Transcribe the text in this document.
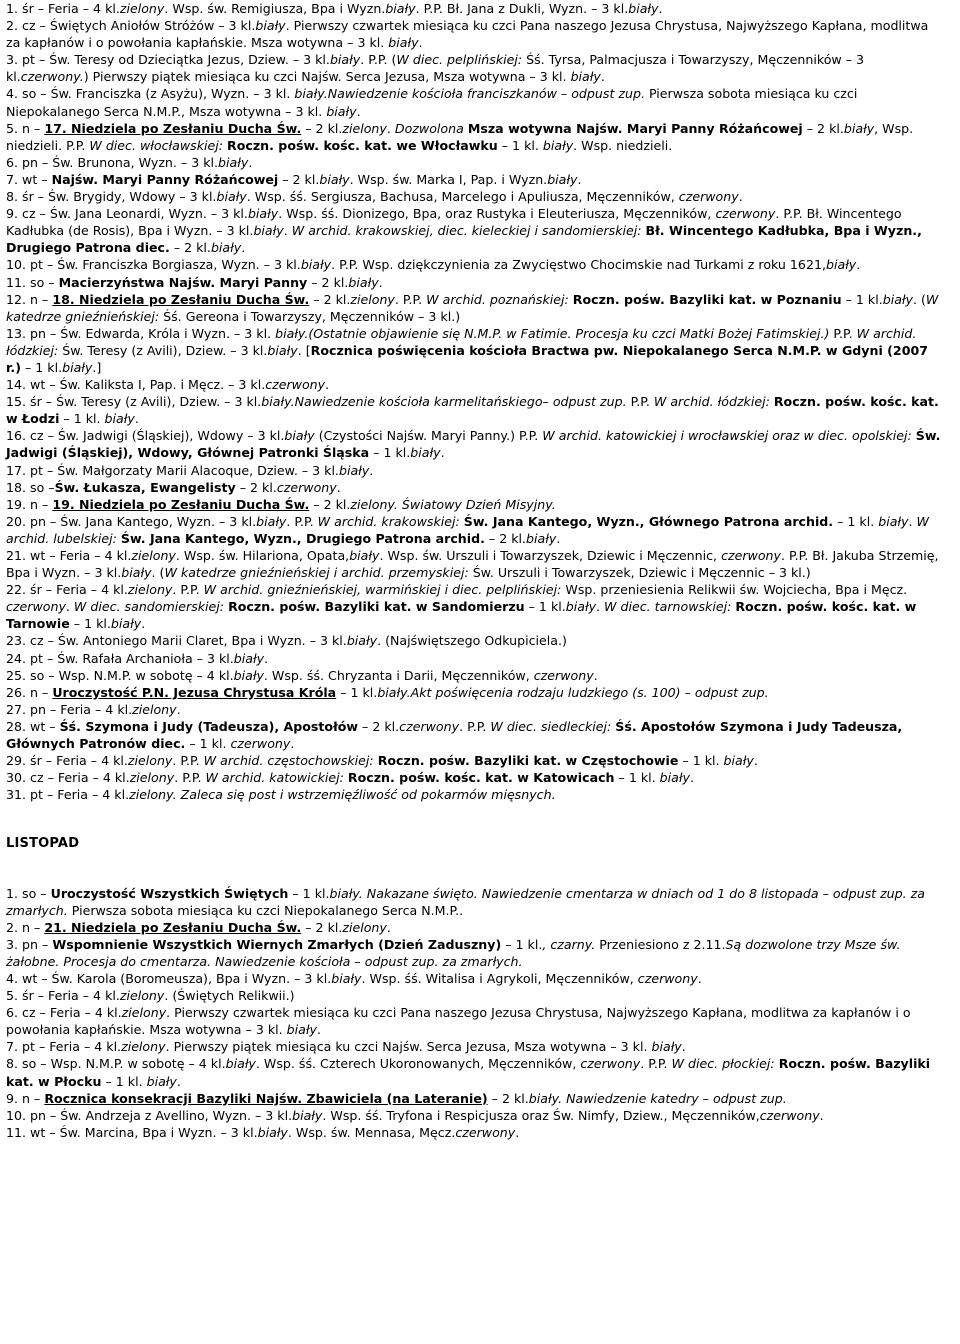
1. śr – Feria – 4 kl.zielony. Wsp. św. Remigiusza, Bpa i Wyzn.biały. P.P. Bł. Jana z Dukli, Wyzn. – 3 kl.biały.

2. cz – Świętych Aniołów Stróżów – 3 kl.biały. Pierwszy czwartek miesiąca ku czci Pana naszego Jezusa Chrystusa, Najwyższego Kapłana, modlitwa za kapłanów i o powołania kapłańskie. Msza wotywna – 3 kl. biały.

3. pt – Św. Teresy od Dzieciątka Jezus, Dziew. – 3 kl.biały. P.P. (W diec. pelplińskiej: Śś. Tyrsa, Palmacjusza i Towarzyszy, Męczenników – 3 kl.czerwony.) Pierwszy piątek miesiąca ku czci Najśw. Serca Jezusa, Msza wotywna – 3 kl. biały.

4. so – Św. Franciszka (z Asyżu), Wyzn. – 3 kl. biały.Nawiedzenie kościoła franciszkanów – odpust zup. Pierwsza sobota miesiąca ku czci Niepokalanego Serca N.M.P., Msza wotywna – 3 kl. biały.

5. n – 17. Niedziela po Zesłaniu Ducha Św. – 2 kl.zielony. Dozwolona Msza wotywna Najśw. Maryi Panny Różańcowej – 2 kl.biały, Wsp. niedzieli. P.P. W diec. włocławskiej: Roczn. pośw. kośc. kat. we Włocławku – 1 kl. biały. Wsp. niedzieli.

6. pn – Św. Brunona, Wyzn. – 3 kl.biały.

7. wt – Najśw. Maryi Panny Różańcowej – 2 kl.biały. Wsp. św. Marka I, Pap. i Wyzn.biały.

8. śr – Św. Brygidy, Wdowy – 3 kl.biały. Wsp. śś. Sergiusza, Bachusa, Marcelego i Apuliusza, Męczenników, czerwony.

9. cz – Św. Jana Leonardi, Wyzn. – 3 kl.biały. Wsp. śś. Dionizego, Bpa, oraz Rustyka i Eleuteriusza, Męczenników, czerwony. P.P. Bł. Wincentego Kadłubka (de Rosis), Bpa i Wyzn. – 3 kl.biały. W archid. krakowskiej, diec. kieleckiej i sandomierskiej: Bł. Wincentego Kadłubka, Bpa i Wyzn., Drugiego Patrona diec. – 2 kl.biały.

10. pt – Św. Franciszka Borgiasza, Wyzn. – 3 kl.biały. P.P. Wsp. dziękczynienia za Zwycięstwo Chocimskie nad Turkami z roku 1621,biały.

11. so – Macierzyństwa Najśw. Maryi Panny – 2 kl.biały.

12. n – 18. Niedziela po Zesłaniu Ducha Św. – 2 kl.zielony. P.P. W archid. poznańskiej: Roczn. pośw. Bazyliki kat. w Poznaniu – 1 kl.biały. (W katedrze gnieźnieńskiej: Śś. Gereona i Towarzyszy, Męczenników – 3 kl.)

13. pn – Św. Edwarda, Króla i Wyzn. – 3 kl. biały.(Ostatnie objawienie się N.M.P. w Fatimie. Procesja ku czci Matki Bożej Fatimskiej.) P.P. W archid. łódzkiej: Św. Teresy (z Avili), Dziew. – 3 kl.biały. [Rocznica poświęcenia kościoła Bractwa pw. Niepokalanego Serca N.M.P. w Gdyni (2007 r.) – 1 kl.biały.]

14. wt – Św. Kaliksta I, Pap. i Męcz. – 3 kl.czerwony.

15. śr – Św. Teresy (z Avili), Dziew. – 3 kl.biały.Nawiedzenie kościoła karmelitańskiego– odpust zup. P.P. W archid. łódzkiej: Roczn. pośw. kośc. kat. w Łodzi – 1 kl. biały.

16. cz – Św. Jadwigi (Śląskiej), Wdowy – 3 kl.biały (Czystości Najśw. Maryi Panny.) P.P. W archid. katowickiej i wrocławskiej oraz w diec. opolskiej: Św. Jadwigi (Śląskiej), Wdowy, Głównej Patronki Śląska – 1 kl.biały.

17. pt – Św. Małgorzaty Marii Alacoque, Dziew. – 3 kl.biały.

18. so –Św. Łukasza, Ewangelisty – 2 kl.czerwony.

19. n – 19. Niedziela po Zesłaniu Ducha Św. – 2 kl.zielony. Światowy Dzień Misyjny.

20. pn – Św. Jana Kantego, Wyzn. – 3 kl.biały. P.P. W archid. krakowskiej: Św. Jana Kantego, Wyzn., Głównego Patrona archid. – 1 kl. biały. W archid. lubelskiej: Św. Jana Kantego, Wyzn., Drugiego Patrona archid. – 2 kl.biały.

21. wt – Feria – 4 kl.zielony. Wsp. św. Hilariona, Opata,biały. Wsp. św. Urszuli i Towarzyszek, Dziewic i Męczennic, czerwony. P.P. Bł. Jakuba Strzemię, Bpa i Wyzn. – 3 kl.biały. (W katedrze gnieźnieńskiej i archid. przemyskiej: Św. Urszuli i Towarzyszek, Dziewic i Męczennic – 3 kl.)

22. śr – Feria – 4 kl.zielony. P.P. W archid. gnieźnieńskiej, warmińskiej i diec. pelplińskiej: Wsp. przeniesienia Relikwii św. Wojciecha, Bpa i Męcz. czerwony. W diec. sandomierskiej: Roczn. pośw. Bazyliki kat. w Sandomierzu – 1 kl.biały. W diec. tarnowskiej: Roczn. pośw. kośc. kat. w Tarnowie – 1 kl.biały.

23. cz – Św. Antoniego Marii Claret, Bpa i Wyzn. – 3 kl.biały. (Najświętszego Odkupiciela.)

24. pt – Św. Rafała Archanioła – 3 kl.biały.

25. so – Wsp. N.M.P. w sobotę – 4 kl.biały. Wsp. śś. Chryzanta i Darii, Męczenników, czerwony.

26. n – Uroczystość P.N. Jezusa Chrystusa Króla – 1 kl.biały.Akt poświęcenia rodzaju ludzkiego (s. 100) – odpust zup.

27. pn – Feria – 4 kl.zielony.

28. wt – Śś. Szymona i Judy (Tadeusza), Apostołów – 2 kl.czerwony. P.P. W diec. siedleckiej: Śś. Apostołów Szymona i Judy Tadeusza, Głównych Patronów diec. – 1 kl. czerwony.

29. śr – Feria – 4 kl.zielony. P.P. W archid. częstochowskiej: Roczn. pośw. Bazyliki kat. w Częstochowie – 1 kl. biały.

30. cz – Feria – 4 kl.zielony. P.P. W archid. katowickiej: Roczn. pośw. kośc. kat. w Katowicach – 1 kl. biały.

31. pt – Feria – 4 kl.zielony. Zaleca się post i wstrzemięźliwość od pokarmów mięsnych.

LISTOPAD

1. so – Uroczystość Wszystkich Świętych – 1 kl.biały. Nakazane święto. Nawiedzenie cmentarza w dniach od 1 do 8 listopada – odpust zup. za zmarłych. Pierwsza sobota miesiąca ku czci Niepokalanego Serca N.M.P..

2. n – 21. Niedziela po Zesłaniu Ducha Św. – 2 kl.zielony.

3. pn – Wspomnienie Wszystkich Wiernych Zmarłych (Dzień Zaduszny) – 1 kl., czarny. Przeniesiono z 2.11.Są dozwolone trzy Msze św. żałobne. Procesja do cmentarza. Nawiedzenie kościoła – odpust zup. za zmarłych.

4. wt – Św. Karola (Boromeusza), Bpa i Wyzn. – 3 kl.biały. Wsp. śś. Witalisa i Agrykoli, Męczenników, czerwony.

5. śr – Feria – 4 kl.zielony. (Świętych Relikwii.)

6. cz – Feria – 4 kl.zielony. Pierwszy czwartek miesiąca ku czci Pana naszego Jezusa Chrystusa, Najwyższego Kapłana, modlitwa za kapłanów i o powołania kapłańskie. Msza wotywna – 3 kl. biały.

7. pt – Feria – 4 kl.zielony. Pierwszy piątek miesiąca ku czci Najśw. Serca Jezusa, Msza wotywna – 3 kl. biały.

8. so – Wsp. N.M.P. w sobotę – 4 kl.biały. Wsp. śś. Czterech Ukoronowanych, Męczenników, czerwony. P.P. W diec. płockiej: Roczn. pośw. Bazyliki kat. w Płocku – 1 kl. biały.

9. n – Rocznica konsekracji Bazyliki Najśw. Zbawiciela (na Lateranie) – 2 kl.biały. Nawiedzenie katedry – odpust zup.

10. pn – Św. Andrzeja z Avellino, Wyzn. – 3 kl.biały. Wsp. śś. Tryfona i Respicjusza oraz Św. Nimfy, Dziew., Męczenników,czerwony.

11. wt – Św. Marcina, Bpa i Wyzn. – 3 kl.biały. Wsp. św. Mennasa, Męcz.czerwony.
